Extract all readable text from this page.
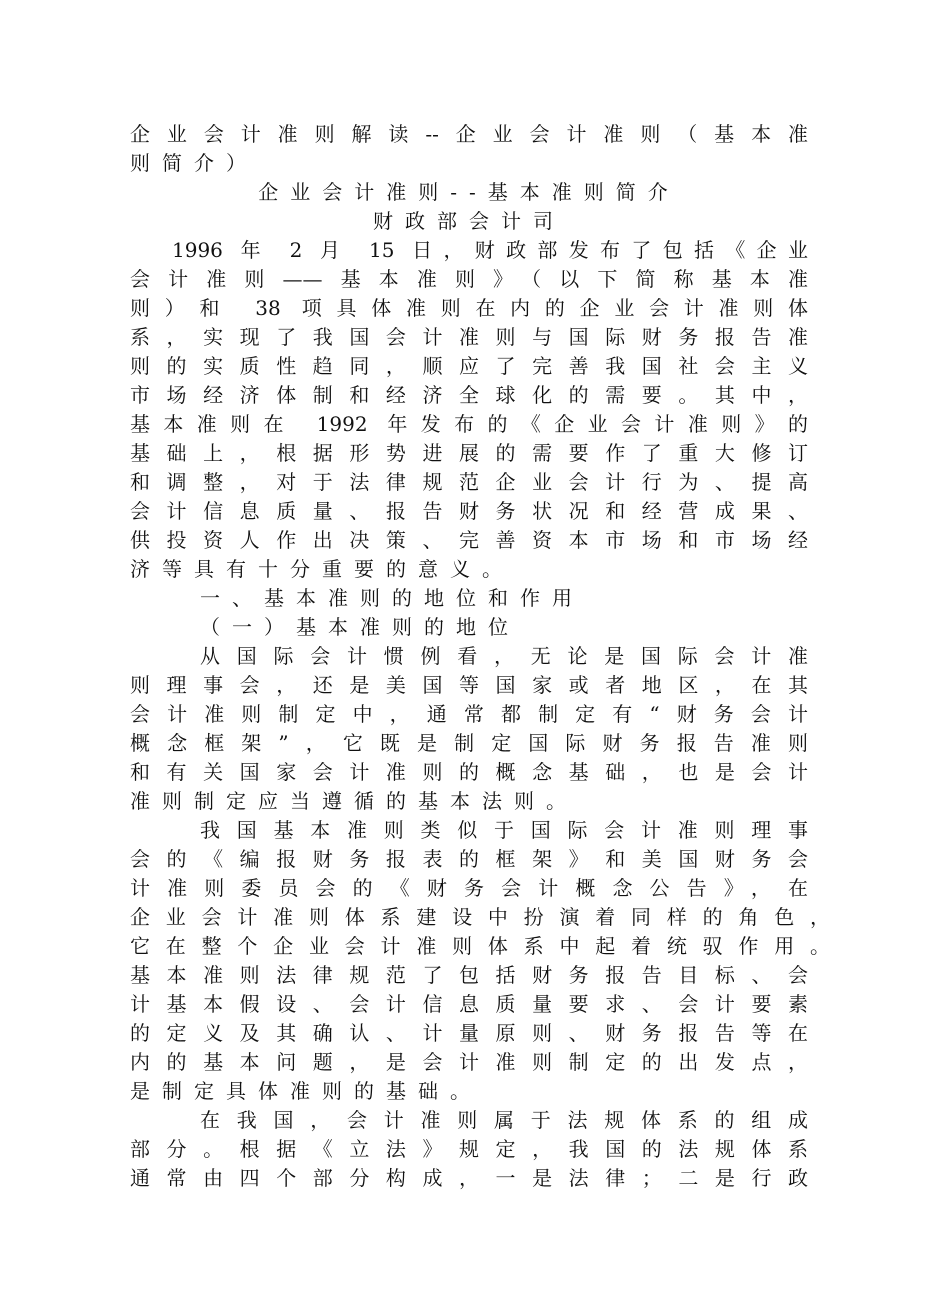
企业会计准则解读--企业会计准则（基本准
则简介）
企业会计准则--基本准则简介
财政部会计司
1996 年 2 月 15 日，财政部发布了包括《企业
会计准则——基本准则》（以下简称基本准
则）和 38 项具体准则在内的企业会计准则体
系，实现了我国会计准则与国际财务报告准
则的实质性趋同，顺应了完善我国社会主义
市场经济体制和经济全球化的需要。其中，
基本准则在 1992 年发布的《企业会计准则》的
基础上，根据形势进展的需要作了重大修订
和调整，对于法律规范企业会计行为、提高
会计信息质量、报告财务状况和经营成果、
供投资人作出决策、完善资本市场和市场经
济等具有十分重要的意义。
一、基本准则的地位和作用
（一）基本准则的地位
从国际会计惯例看，无论是国际会计准
则理事会，还是美国等国家或者地区，在其
会计准则制定中，通常都制定有“财务会计
概念框架”，它既是制定国际财务报告准则
和有关国家会计准则的概念基础，也是会计
准则制定应当遵循的基本法则。
我国基本准则类似于国际会计准则理事
会的《编报财务报表的框架》和美国财务会
计准则委员会的《财务会计概念公告》，在
企业会计准则体系建设中扮演着同样的角色，
它在整个企业会计准则体系中起着统驭作用。
基本准则法律规范了包括财务报告目标、会
计基本假设、会计信息质量要求、会计要素
的定义及其确认、计量原则、财务报告等在
内的基本问题，是会计准则制定的出发点，
是制定具体准则的基础。
在我国，会计准则属于法规体系的组成
部分。根据《立法》规定，我国的法规体系
通常由四个部分构成，一是法律；二是行政
